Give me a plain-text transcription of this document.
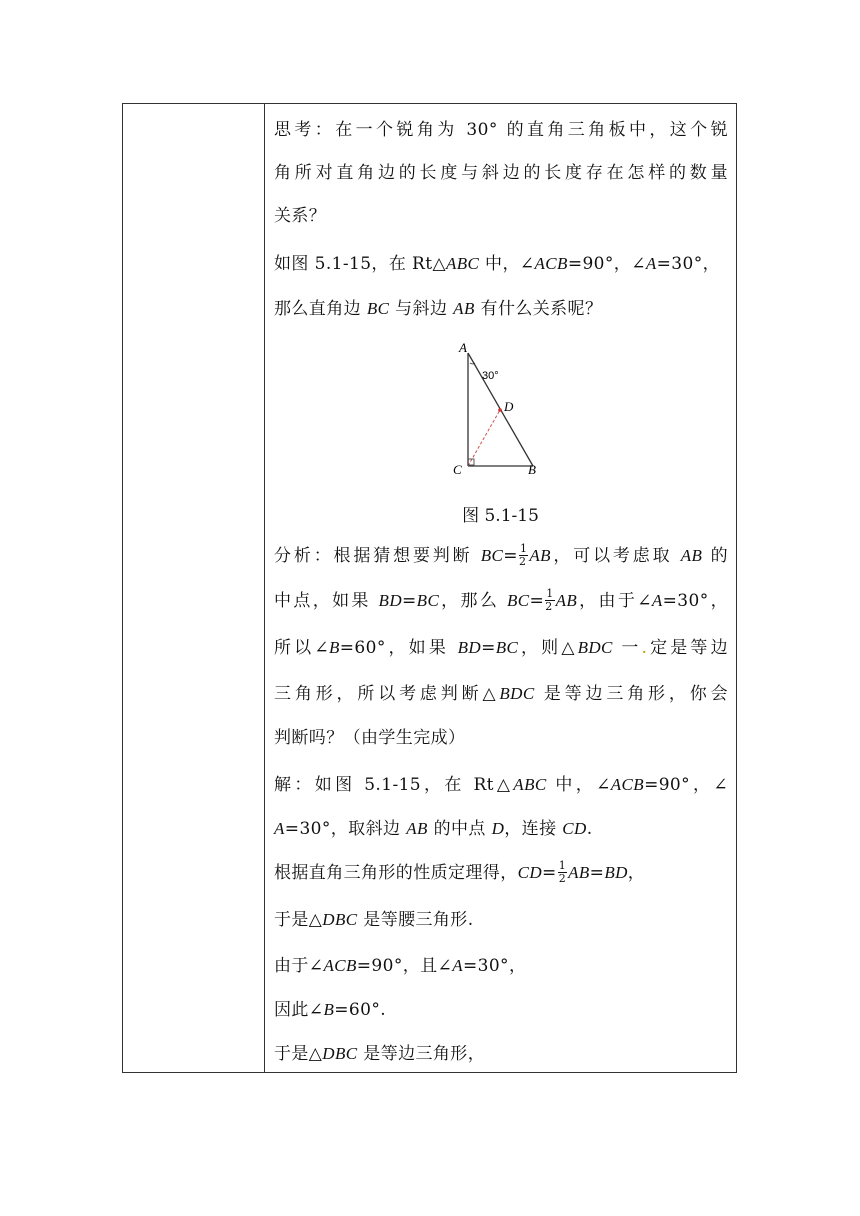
思考：在一个锐角为 30° 的直角三角板中，这个锐
角所对直角边的长度与斜边的长度存在怎样的数量
关系？
如图 5.1-15，在 Rt△ABC 中，∠ACB=90°，∠A=30°，
那么直角边 BC 与斜边 AB 有什么关系呢？
A
30°
D
C	B
图 5.1-15
分析：根据猜想要判断 $BC= \frac{1}{2}$ AB，可以考虑取 AB 的
中点，如果 BD=BC，那么 $BC= \frac{1}{2}$ AB，由于∠A=30°，
所以∠B=60°，如果 BD=BC，则△BDC 一.定是等边
三角形，所以考虑判断△BDC 是等边三角形，你会
判断吗？（由学生完成）
解：如图 5.1-15，在 Rt△ABC 中，∠ACB=90°，∠
A=30°，取斜边 AB 的中点 D，连接 CD.
根据直角三角形的性质定理得，$CD= \frac{1}{2} AB=BD$，
于是△DBC 是等腰三角形.
由于∠ACB=90°，且∠A=30°，
因此∠B=60°.
于是△DBC 是等边三角形，
